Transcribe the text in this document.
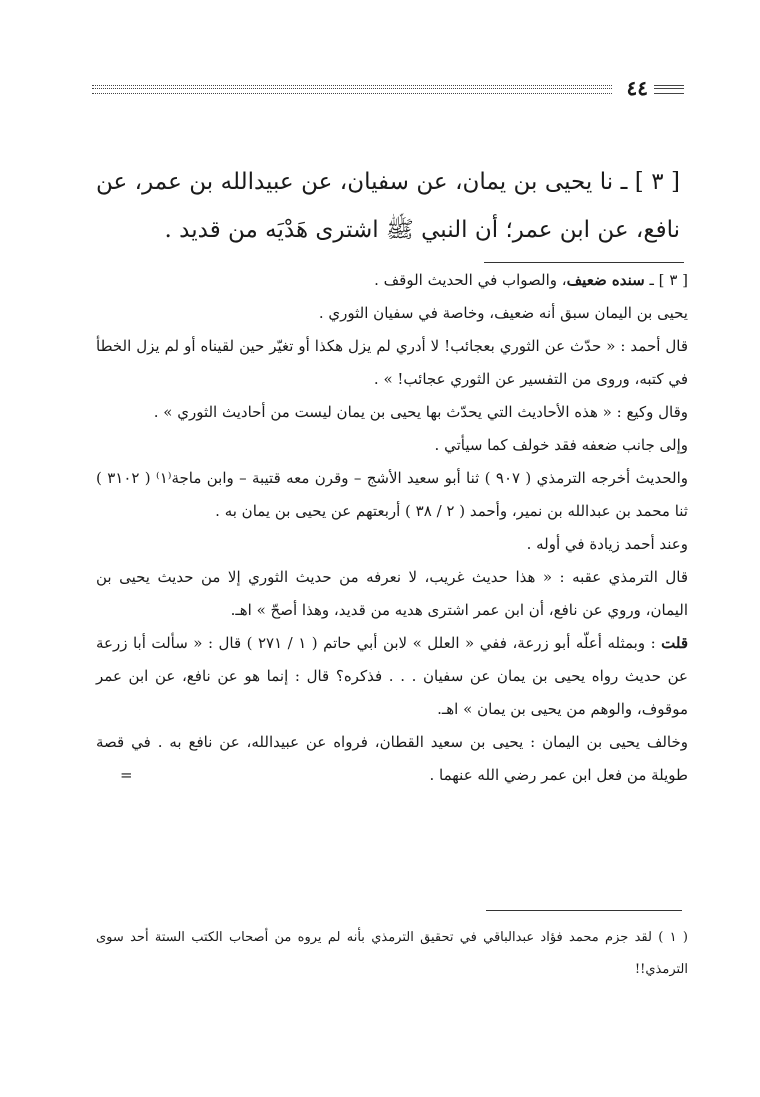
٤٤
[ ٣ ] ـ نا يحيى بن يمان، عن سفيان، عن عبيدالله بن عمر، عن نافع، عن ابن عمر؛ أن النبي ﷺ اشترى هَدْيَه من قديد .

[ ٣ ] ـ سنده ضعيف، والصواب في الحديث الوقف .

يحيى بن اليمان سبق أنه ضعيف، وخاصة في سفيان الثوري .

قال أحمد : « حدّث عن الثوري بعجائب! لا أدري لم يزل هكذا أو تغيّر حين لقيناه أو لم يزل الخطأ في كتبه، وروى من التفسير عن الثوري عجائب! » .

وقال وكيع : « هذه الأحاديث التي يحدّث بها يحيى بن يمان ليست من أحاديث الثوري » .

وإلى جانب ضعفه فقد خولف كما سيأتي .

والحديث أخرجه الترمذي ( ٩٠٧ ) ثنا أبو سعيد الأشج – وقرن معه قتيبة – وابن ماجة⁽١⁾ ( ٣١٠٢ ) ثنا محمد بن عبدالله بن نمير، وأحمد ( ٢ / ٣٨ ) أربعتهم عن يحيى بن يمان به .

وعند أحمد زيادة في أوله .

قال الترمذي عقبه : « هذا حديث غريب، لا نعرفه من حديث الثوري إلا من حديث يحيى بن اليمان، وروي عن نافع، أن ابن عمر اشترى هديه من قديد، وهذا أصحّ » اهـ.

قلت : وبمثله أعلّه أبو زرعة، ففي « العلل » لابن أبي حاتم ( ١ / ٢٧١ ) قال : « سألت أبا زرعة عن حديث رواه يحيى بن يمان عن سفيان . . . فذكره؟ قال : إنما هو عن نافع، عن ابن عمر موقوف، والوهم من يحيى بن يمان » اهـ.

وخالف يحيى بن اليمان : يحيى بن سعيد القطان، فرواه عن عبيدالله، عن نافع به . في قصة طويلة من فعل ابن عمر رضي الله عنهما .
=

( ١ ) لقد جزم محمد فؤاد عبدالباقي في تحقيق الترمذي بأنه لم يروه من أصحاب الكتب الستة أحد سوى الترمذي!!
